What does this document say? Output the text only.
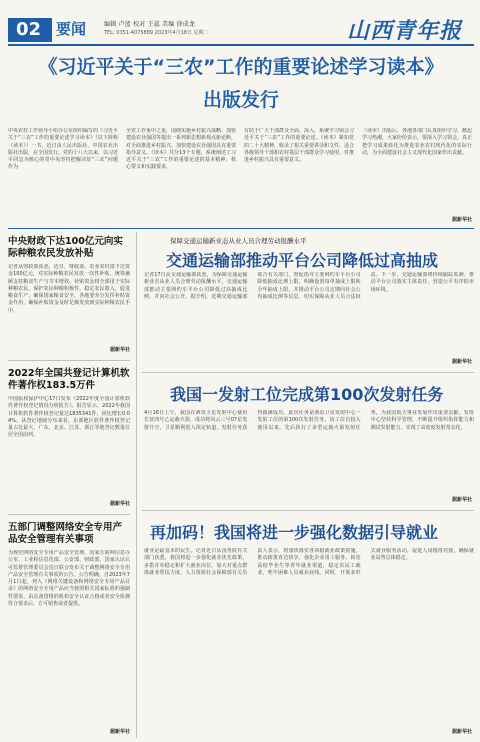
02 要闻	编辑 卢蓝 校对 王蕊 美编 徐成龙
TEL: 0351-4075889 2023年4月18日 星期二	山西青年报
《习近平关于“三农”工作的重要论述学习读本》
出版发行
中央农村工作领导小组办公室组织编写的《习近平关于“三农”工作的重要论述学习读本》（以下简称《读本》）一书，近日由人民出版社、中国农业出版社出版，在全国发行。党的十八大以来，以习近平同志为核心的党中央坚持把解决好“三农”问题作为
全党工作重中之重，围绕实施乡村振兴战略、加快建设农业强国等提出一系列新思想新观点新论断，对全面推进乡村振兴、加快建设农业强国具有重要指导意义。《读本》共分13个专题，系统阐述了习近平关于“三农”工作的重要论述的基本精神、核心要义和实践要求，
有助于广大干部群众全面、深入、系统学习领会习近平关于“三农”工作的重要论述。《读本》紧扣党的二十大精神，收录了相关重要讲话和文件，适合各级领导干部和农村基层干部群众学习使用，对推进乡村振兴具有重要意义。
《读本》出版后，各地各部门认真组织学习，掀起学习热潮，大家纷纷表示，要深入学习领会，真正把学习成果转化为推进农业农村现代化的实际行动，为全面建设社会主义现代化国家作出贡献。
据新华社
中央财政下达100亿元向实际种粮农民发放补贴
记者从财政部获悉，近日，财政部、农业农村部下达资金100亿元，对实际种粮农民发放一次性补贴，统筹兼顾支持粮食生产与节本增效。补贴资金将全部用于实际种粮农民，保护农民种粮积极性，稳定农民收入，促进粮食生产，确保国家粮食安全。各地要充分发挥补贴资金作用，确保补贴资金及时足额发放到实际种粮农民手中。
据新华社
2022年全国共登记计算机软件著作权183.5万件
中国版权保护中心17日发布《2022年度全国计算机软件著作权登记情况分析报告》。报告显示，2022年我国计算机软件著作权登记量达1835341件，同比增长0.04%。从登记地域分布来看，东部地区软件著作权登记量占比最大，广东、北京、江苏、浙江等地登记数量位居全国前列。
据新华社
五部门调整网络安全专用产品安全管理有关事项
为规范网络安全专用产品安全管理，国家互联网信息办公室、工业和信息化部、公安部、财政部、国家认证认可监督管理委员会近日联合发布关于调整网络安全专用产品安全管理有关事项的公告。公告明确，自2023年7月1日起，列入《网络关键设备和网络安全专用产品目录》的网络安全专用产品应当按照相关国家标准的强制性要求，由具备资格的机构安全认证合格或者安全检测符合要求后，方可销售或者提供。
据新华社
保障交通运输新业态从业人员合理劳动报酬水平
交通运输部推动平台公司降低过高抽成
记者17日从交通运输部获悉，为保障交通运输新业态从业人员合理劳动报酬水平，交通运输部推动主要网约车平台公司降低过高抽成比例，并向社会公开。据介绍，近期交通运输部联合有关部门，督促指导主要网约车平台公司降低抽成比例上限，明确设置每单抽成上限和全年抽成上限，并推动平台公司定期向社会公布抽成比例等信息，切实保障从业人员合法权益。下一步，交通运输部将持续跟踪监测，推动平台公司落实主体责任，营造公平有序的市场环境。
据新华社
我国一发射工位完成第100次发射任务
4月16日上午，我国在酒泉卫星发射中心使用长征四号乙运载火箭，成功将风云三号07星发射升空，卫星顺利进入预定轨道，发射任务获得圆满成功。此次任务是酒泉卫星发射中心一发射工位的第100次发射任务。该工位自投入使用以来，先后执行了多型运载火箭发射任务，为我国航天事业发展作出重要贡献。发射中心坚持科学管理，不断提升组织指挥能力和测试发射能力，实现了高密度发射常态化。
据新华社
再加码！我国将进一步强化数据引导就业
就业是最基本的民生。记者近日从国务院有关部门获悉，我国将进一步强化就业优先政策，多措并举稳定和扩大就业岗位，加大对重点群体就业帮扶力度。人力资源社会保障部有关负责人表示，将加快落实各项稳就业政策措施，推动政策直达快享，强化企业用工服务，拓宽高校毕业生等青年就业渠道，稳定农民工就业，兜牢困难人员就业底线。同时，开展多形式就业服务活动，促进人岗精准对接，确保就业局势总体稳定。
据新华社
